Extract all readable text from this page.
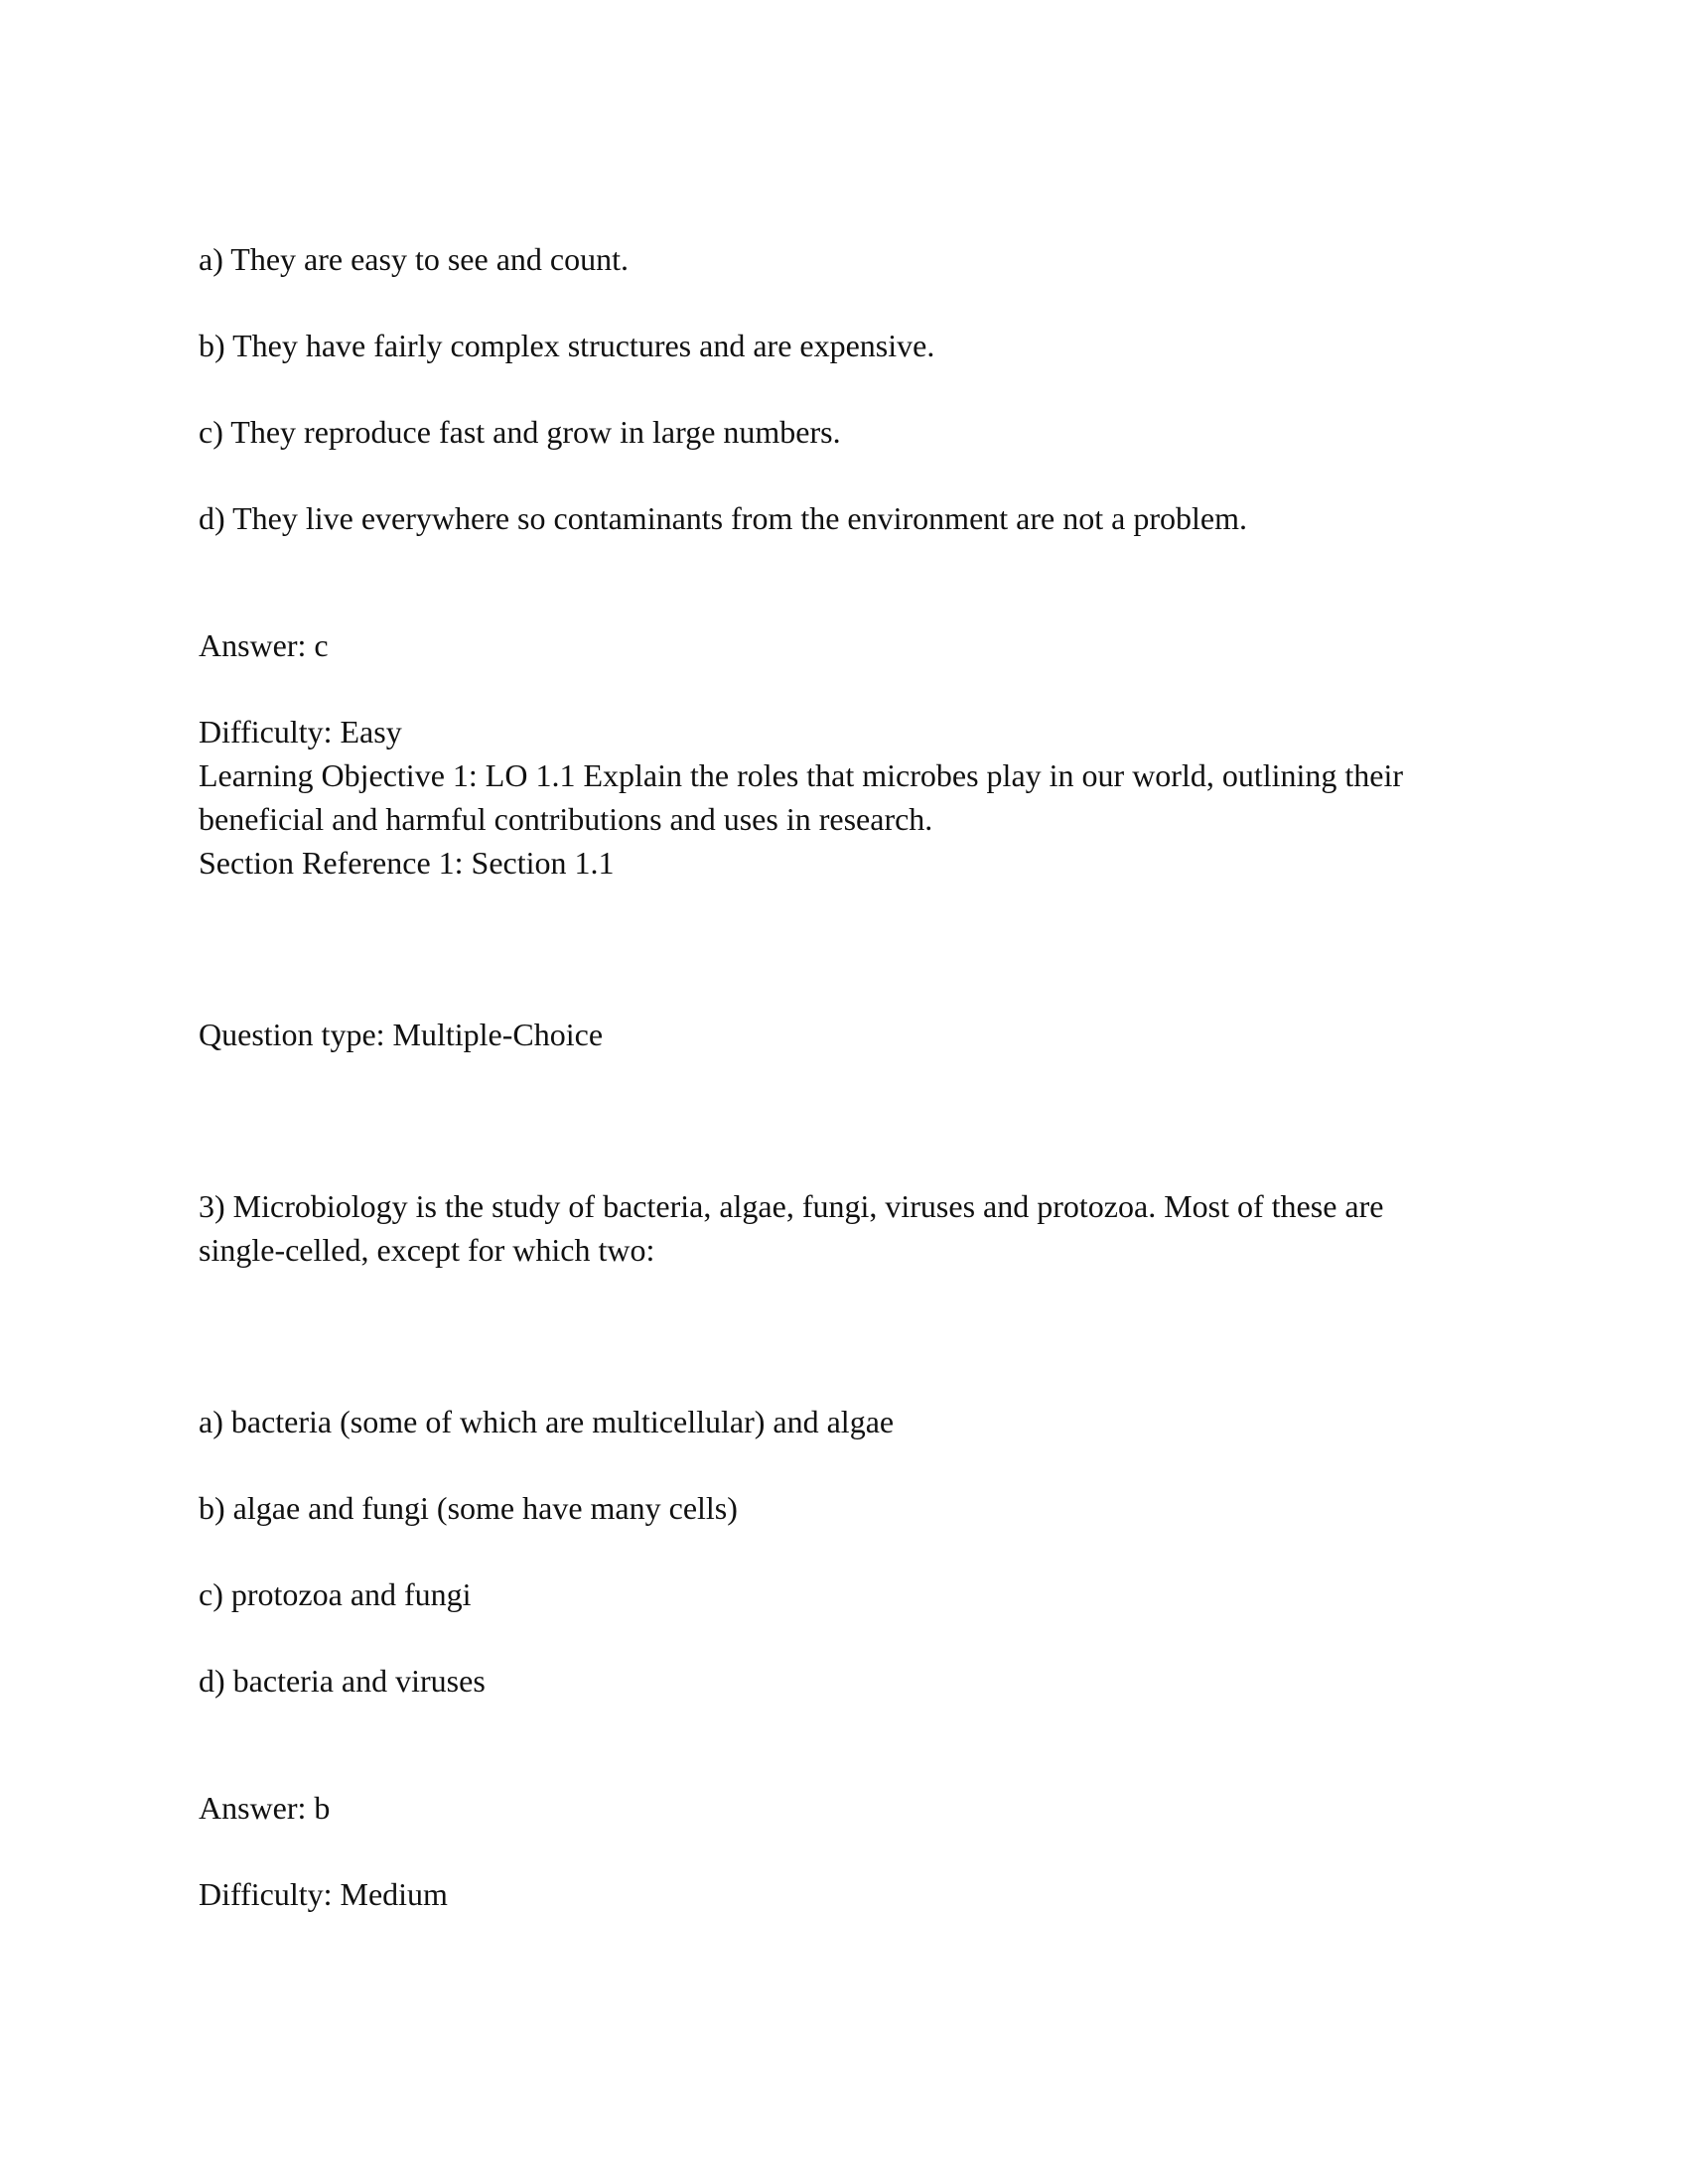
a) They are easy to see and count.

b) They have fairly complex structures and are expensive.

c) They reproduce fast and grow in large numbers.

d) They live everywhere so contaminants from the environment are not a problem.

Answer: c

Difficulty: Easy

Learning Objective 1: LO 1.1 Explain the roles that microbes play in our world, outlining their

beneficial and harmful contributions and uses in research.

Section Reference 1: Section 1.1

Question type: Multiple-Choice

3) Microbiology is the study of bacteria, algae, fungi, viruses and protozoa. Most of these are

single-celled, except for which two:

a) bacteria (some of which are multicellular) and algae

b) algae and fungi (some have many cells)

c) protozoa and fungi

d) bacteria and viruses

Answer: b

Difficulty: Medium
